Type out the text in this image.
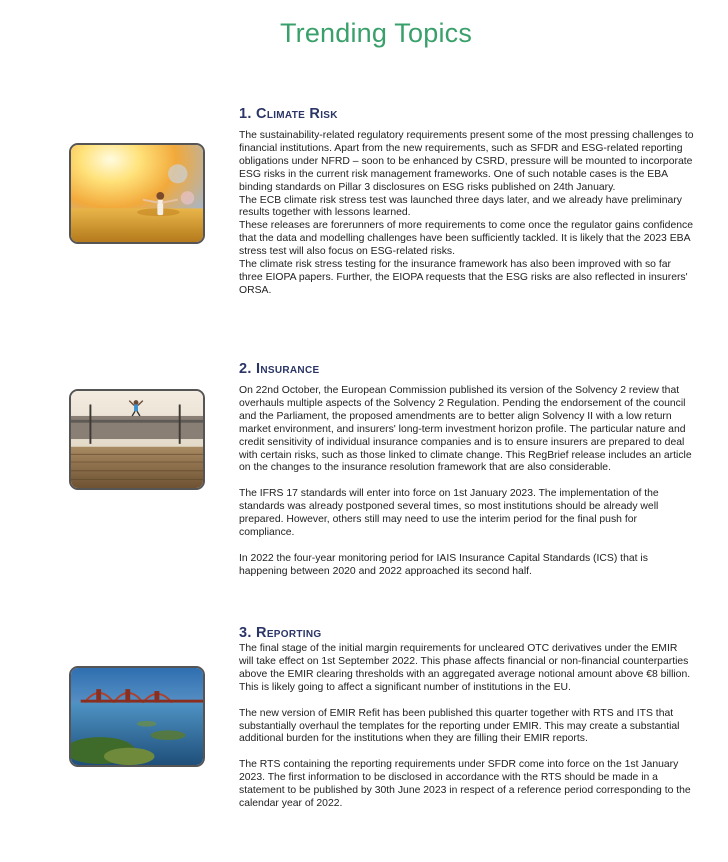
Trending Topics
1. Climate Risk

The sustainability-related regulatory requirements present some of the most pressing challenges to financial institutions. Apart from the new requirements, such as SFDR and ESG-related reporting obligations under NFRD – soon to be enhanced by CSRD, pressure will be mounted to incorporate ESG risks in the current risk management frameworks. One of such notable cases is the EBA binding standards on Pillar 3 disclosures on ESG risks published on 24th January.

The ECB climate risk stress test was launched three days later, and we already have preliminary results together with lessons learned.

These releases are forerunners of more requirements to come once the regulator gains confidence that the data and modelling challenges have been sufficiently tackled. It is likely that the 2023 EBA stress test will also focus on ESG-related risks.

The climate risk stress testing for the insurance framework has also been improved with so far three EIOPA papers. Further, the EIOPA requests that the ESG risks are also reflected in insurers' ORSA.

2. Insurance

On 22nd October, the European Commission published its version of the Solvency 2 review that overhauls multiple aspects of the Solvency 2 Regulation. Pending the endorsement of the council and the Parliament, the proposed amendments are to better align Solvency II with a low return market environment, and insurers' long-term investment horizon profile. The particular nature and credit sensitivity of individual insurance companies and is to ensure insurers are prepared to deal with certain risks, such as those linked to climate change. This RegBrief release includes an article on the changes to the insurance resolution framework that are also considerable.

The IFRS 17 standards will enter into force on 1st January 2023. The implementation of the standards was already postponed several times, so most institutions should be already well prepared. However, others still may need to use the interim period for the final push for compliance.

In 2022 the four-year monitoring period for IAIS Insurance Capital Standards (ICS) that is happening between 2020 and 2022 approached its second half.

3. Reporting

The final stage of the initial margin requirements for uncleared OTC derivatives under the EMIR will take effect on 1st September 2022. This phase affects financial or non-financial counterparties above the EMIR clearing thresholds with an aggregated average notional amount above €8 billion. This is likely going to affect a significant number of institutions in the EU.

The new version of EMIR Refit has been published this quarter together with RTS and ITS that substantially overhaul the templates for the reporting under EMIR. This may create a substantial additional burden for the institutions when they are filling their EMIR reports.

The RTS containing the reporting requirements under SFDR come into force on the 1st January 2023. The first information to be disclosed in accordance with the RTS should be made in a statement to be published by 30th June 2023 in respect of a reference period corresponding to the calendar year of 2022.
